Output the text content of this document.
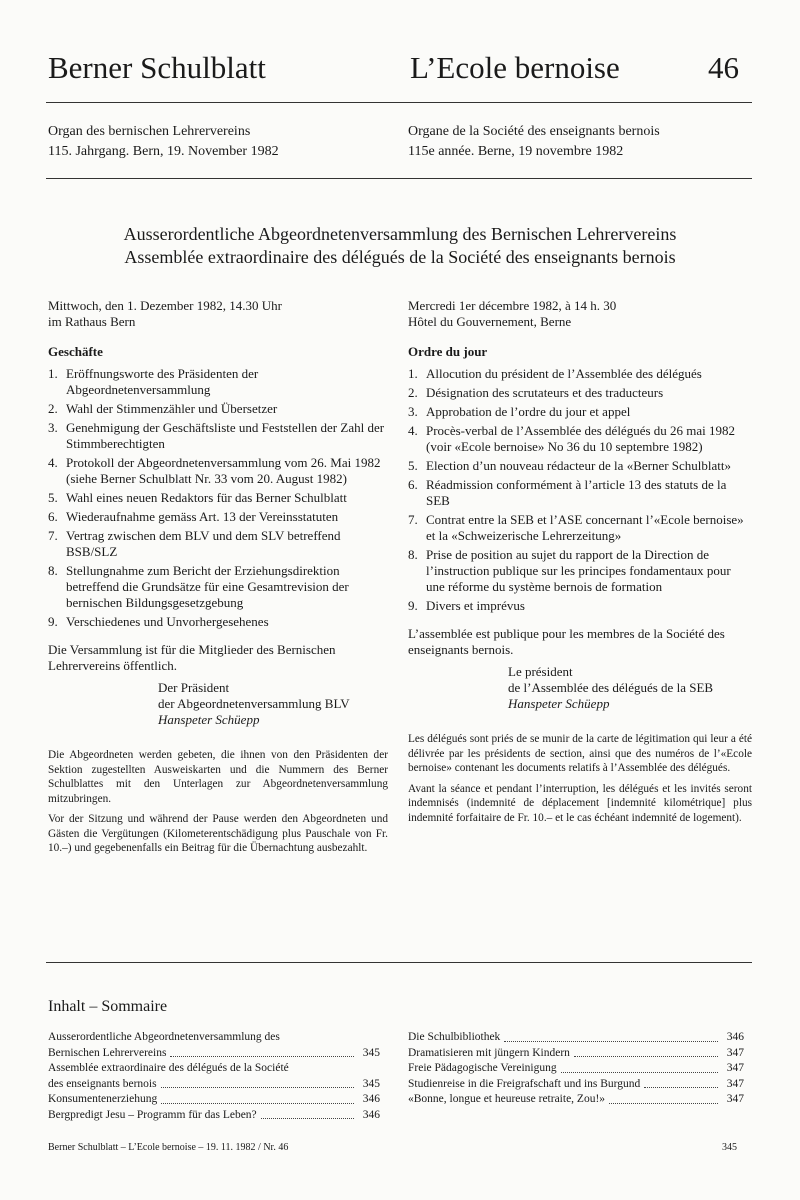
Berner Schulblatt	L’Ecole bernoise	46
Organ des bernischen Lehrervereins
115. Jahrgang. Bern, 19. November 1982
Organe de la Société des enseignants bernois
115e année. Berne, 19 novembre 1982
Ausserordentliche Abgeordnetenversammlung des Bernischen Lehrervereins
Assemblée extraordinaire des délégués de la Société des enseignants bernois
Mittwoch, den 1. Dezember 1982, 14.30 Uhr
im Rathaus Bern
Geschäfte
1. Eröffnungsworte des Präsidenten der Abgeordnetenversammlung
2. Wahl der Stimmenzähler und Übersetzer
3. Genehmigung der Geschäftsliste und Feststellen der Zahl der Stimmberechtigten
4. Protokoll der Abgeordnetenversammlung vom 26. Mai 1982 (siehe Berner Schulblatt Nr. 33 vom 20. August 1982)
5. Wahl eines neuen Redaktors für das Berner Schulblatt
6. Wiederaufnahme gemäss Art. 13 der Vereinsstatuten
7. Vertrag zwischen dem BLV und dem SLV betreffend BSB/SLZ
8. Stellungnahme zum Bericht der Erziehungsdirektion betreffend die Grundsätze für eine Gesamtrevision der bernischen Bildungsgesetzgebung
9. Verschiedenes und Unvorhergesehenes
Die Versammlung ist für die Mitglieder des Bernischen Lehrervereins öffentlich.
Der Präsident
der Abgeordnetenversammlung BLV
Hanspeter Schüepp

Die Abgeordneten werden gebeten, die ihnen von den Präsidenten der Sektion zugestellten Ausweiskarten und die Nummern des Berner Schulblattes mit den Unterlagen zur Abgeordnetenversammlung mitzubringen.

Vor der Sitzung und während der Pause werden den Abgeordneten und Gästen die Vergütungen (Kilometerentschädigung plus Pauschale von Fr. 10.–) und gegebenenfalls ein Beitrag für die Übernachtung ausbezahlt.

Mercredi 1er décembre 1982, à 14 h. 30
Hôtel du Gouvernement, Berne
Ordre du jour
1. Allocution du président de l’Assemblée des délégués
2. Désignation des scrutateurs et des traducteurs
3. Approbation de l’ordre du jour et appel
4. Procès-verbal de l’Assemblée des délégués du 26 mai 1982 (voir «Ecole bernoise» No 36 du 10 septembre 1982)
5. Election d’un nouveau rédacteur de la «Berner Schulblatt»
6. Réadmission conformément à l’article 13 des statuts de la SEB
7. Contrat entre la SEB et l’ASE concernant l’«Ecole bernoise» et la «Schweizerische Lehrerzeitung»
8. Prise de position au sujet du rapport de la Direction de l’instruction publique sur les principes fondamentaux pour une réforme du système bernois de formation
9. Divers et imprévus
L’assemblée est publique pour les membres de la Société des enseignants bernois.
Le président
de l’Assemblée des délégués de la SEB
Hanspeter Schüepp

Les délégués sont priés de se munir de la carte de légitimation qui leur a été délivrée par les présidents de section, ainsi que des numéros de l’«Ecole bernoise» contenant les documents relatifs à l’Assemblée des délégués.

Avant la séance et pendant l’interruption, les délégués et les invités seront indemnisés (indemnité de déplacement [indemnité kilométrique] plus indemnité forfaitaire de Fr. 10.– et le cas échéant indemnité de logement).

Inhalt – Sommaire
Ausserordentliche Abgeordnetenversammlung des
Bernischen Lehrervereins	345
Assemblée extraordinaire des délégués de la Société
des enseignants bernois	345
Konsumentenerziehung	346
Bergpredigt Jesu – Programm für das Leben?	346
Die Schulbibliothek	346
Dramatisieren mit jüngern Kindern	347
Freie Pädagogische Vereinigung	347
Studienreise in die Freigrafschaft und ins Burgund	347
«Bonne, longue et heureuse retraite, Zou!»	347
Berner Schulblatt – L’Ecole bernoise – 19. 11. 1982 / Nr. 46	345
